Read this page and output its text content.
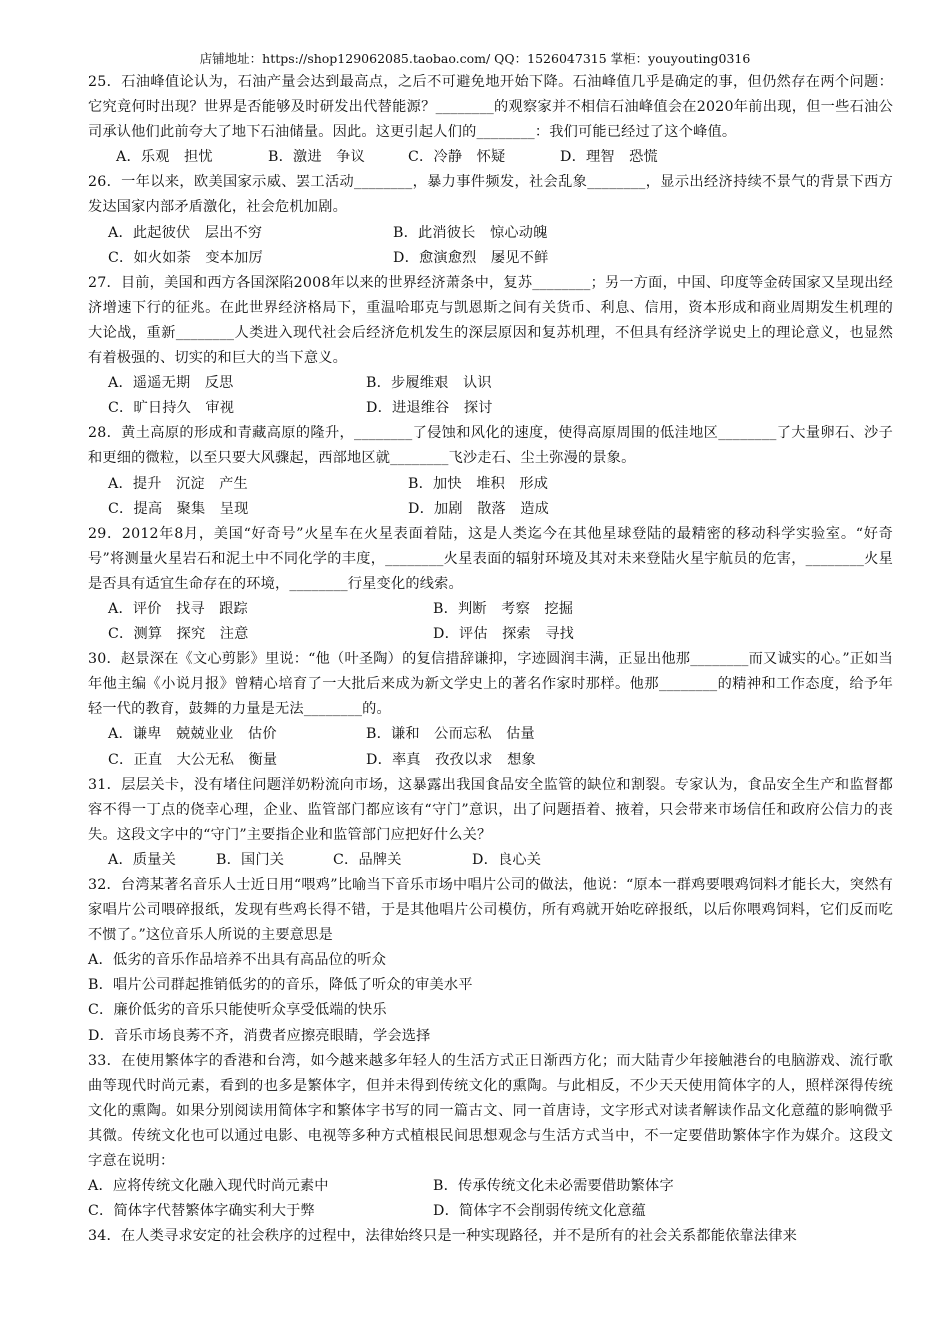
店铺地址：https://shop129062085.taobao.com/ QQ：1526047315 掌柜：youyouting0316

25．石油峰值论认为，石油产量会达到最高点，之后不可避免地开始下降。石油峰值几乎是确定的事，但仍然存在两个问题：它究竟何时出现？世界是否能够及时研发出代替能源？________的观察家并不相信石油峰值会在2020年前出现，但一些石油公司承认他们此前夸大了地下石油储量。因此。这更引起人们的________：我们可能已经过了这个峰值。

A．乐观　担忧	B．激进　争议	C．冷静　怀疑	D．理智　恐慌

26．一年以来，欧美国家示威、罢工活动________，暴力事件频发，社会乱象________，显示出经济持续不景气的背景下西方发达国家内部矛盾激化，社会危机加剧。

A．此起彼伏　层出不穷	B．此消彼长　惊心动魄
C．如火如荼　变本加厉	D．愈演愈烈　屡见不鲜

27．目前，美国和西方各国深陷2008年以来的世界经济萧条中，复苏________；另一方面，中国、印度等金砖国家又呈现出经济增速下行的征兆。在此世界经济格局下，重温哈耶克与凯恩斯之间有关货币、利息、信用，资本形成和商业周期发生机理的大论战，重新________人类进入现代社会后经济危机发生的深层原因和复苏机理，不但具有经济学说史上的理论意义，也显然有着极强的、切实的和巨大的当下意义。

A．遥遥无期　反思	B．步履维艰　认识
C．旷日持久　审视	D．进退维谷　探讨

28．黄土高原的形成和青藏高原的隆升，________了侵蚀和风化的速度，使得高原周围的低洼地区________了大量卵石、沙子和更细的微粒，以至只要大风骤起，西部地区就________飞沙走石、尘土弥漫的景象。

A．提升　沉淀　产生	B．加快　堆积　形成
C．提高　聚集　呈现	D．加剧　散落　造成

29．2012年8月，美国“好奇号”火星车在火星表面着陆，这是人类迄今在其他星球登陆的最精密的移动科学实验室。“好奇号”将测量火星岩石和泥土中不同化学的丰度，________火星表面的辐射环境及其对未来登陆火星宇航员的危害，________火星是否具有适宜生命存在的环境，________行星变化的线索。

A．评价　找寻　跟踪	B．判断　考察　挖掘
C．测算　探究　注意	D．评估　探索　寻找

30．赵景深在《文心剪影》里说：“他（叶圣陶）的复信措辞谦抑，字迹圆润丰满，正显出他那________而又诚实的心。”正如当年他主编《小说月报》曾精心培育了一大批后来成为新文学史上的著名作家时那样。他那________的精神和工作态度，给予年轻一代的教育，鼓舞的力量是无法________的。

A．谦卑　兢兢业业　估价	B．谦和　公而忘私　估量
C．正直　大公无私　衡量	D．率真　孜孜以求　想象

31．层层关卡，没有堵住问题洋奶粉流向市场，这暴露出我国食品安全监管的缺位和割裂。专家认为，食品安全生产和监督都容不得一丁点的侥幸心理，企业、监管部门都应该有“守门”意识，出了问题捂着、掖着，只会带来市场信任和政府公信力的丧失。这段文字中的“守门”主要指企业和监管部门应把好什么关？

A．质量关	B．国门关	C．品牌关	D．良心关

32．台湾某著名音乐人士近日用“喂鸡”比喻当下音乐市场中唱片公司的做法，他说：“原本一群鸡要喂鸡饲料才能长大，突然有家唱片公司喂碎报纸，发现有些鸡长得不错，于是其他唱片公司模仿，所有鸡就开始吃碎报纸，以后你喂鸡饲料，它们反而吃不惯了。”这位音乐人所说的主要意思是

A．低劣的音乐作品培养不出具有高品位的听众

B．唱片公司群起推销低劣的的音乐，降低了听众的审美水平

C．廉价低劣的音乐只能使听众享受低端的快乐

D．音乐市场良莠不齐，消费者应擦亮眼睛，学会选择

33．在使用繁体字的香港和台湾，如今越来越多年轻人的生活方式正日渐西方化；而大陆青少年接触港台的电脑游戏、流行歌曲等现代时尚元素，看到的也多是繁体字，但并未得到传统文化的熏陶。与此相反，不少天天使用简体字的人，照样深得传统文化的熏陶。如果分别阅读用简体字和繁体字书写的同一篇古文、同一首唐诗，文字形式对读者解读作品文化意蕴的影响微乎其微。传统文化也可以通过电影、电视等多种方式植根民间思想观念与生活方式当中，不一定要借助繁体字作为媒介。这段文字意在说明：

A．应将传统文化融入现代时尚元素中	B．传承传统文化未必需要借助繁体字
C．简体字代替繁体字确实利大于弊	D．简体字不会削弱传统文化意蕴

34．在人类寻求安定的社会秩序的过程中，法律始终只是一种实现路径，并不是所有的社会关系都能依靠法律来
